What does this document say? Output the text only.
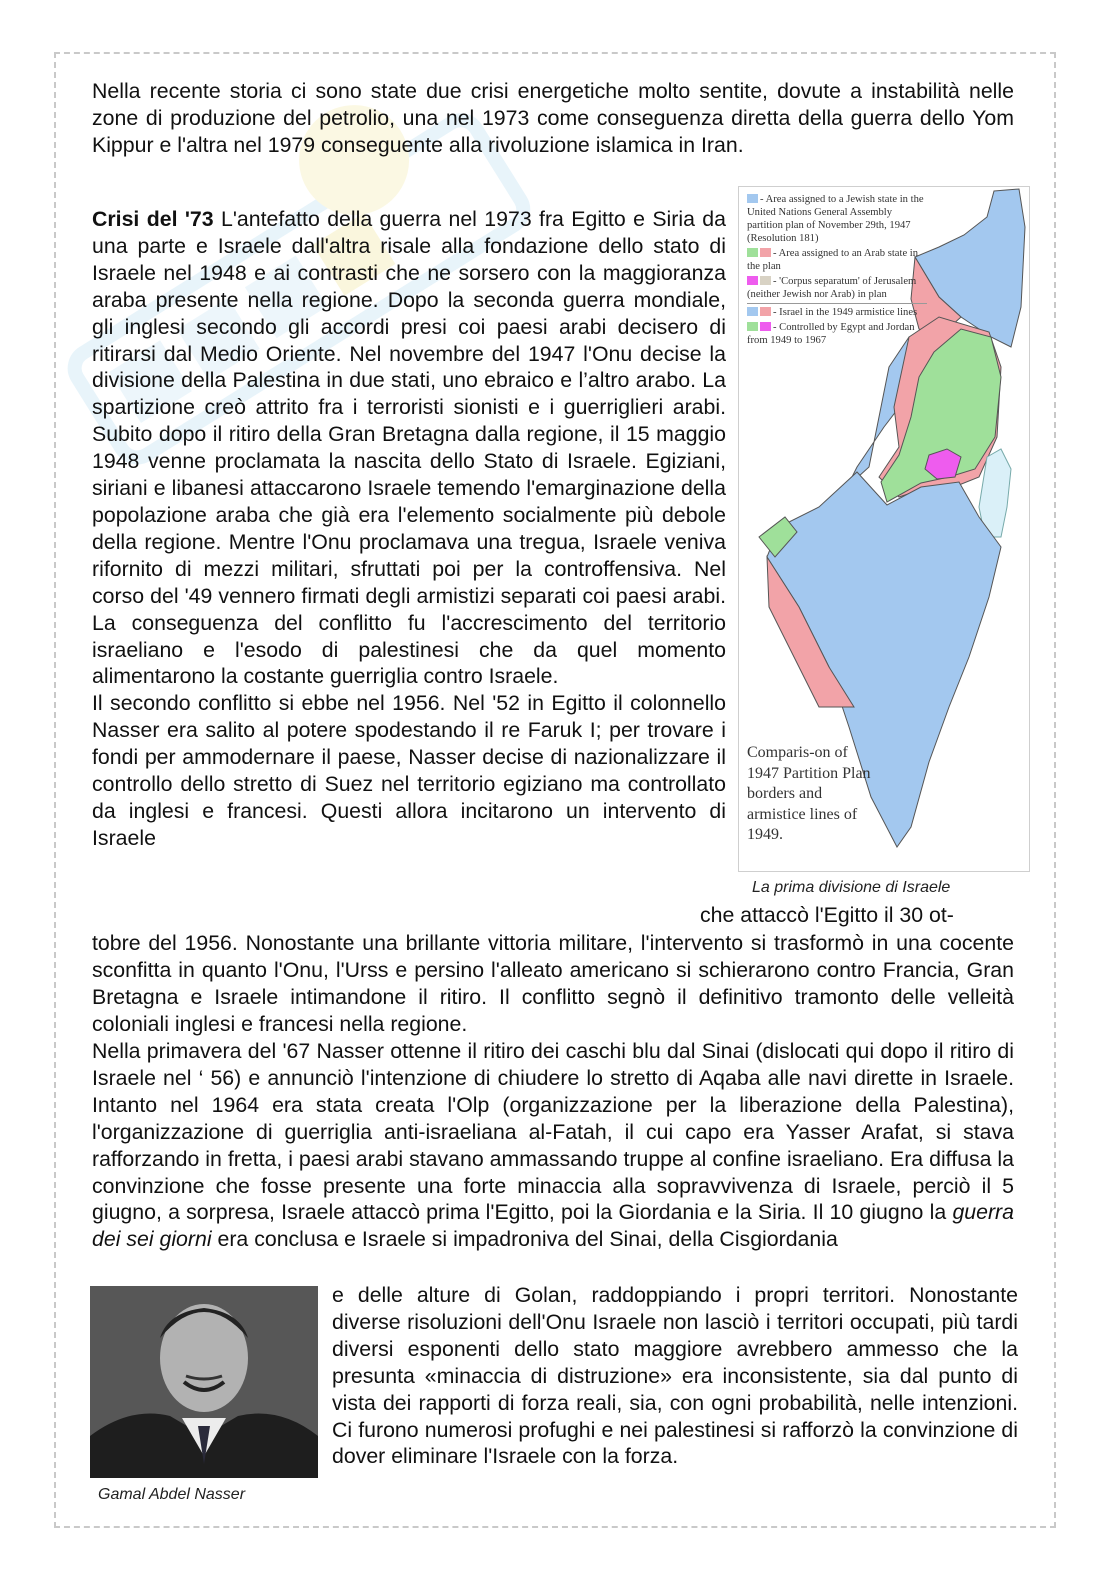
Nella recente storia ci sono state due crisi energetiche molto sentite, dovute a instabilità nelle zone di produzione del petrolio, una nel 1973 come conseguenza diretta della guerra dello Yom Kippur e l'altra nel 1979 conseguente alla rivoluzione islamica in Iran.

Crisi del '73 L'antefatto della guerra nel 1973 fra Egitto e Siria da una parte e Israele dall'altra risale alla fondazione dello stato di Israele nel 1948 e ai contrasti che ne sorsero con la maggioranza araba presente nella regione. Dopo la seconda guerra mondiale, gli inglesi secondo gli accordi presi coi paesi arabi decisero di ritirarsi dal Medio Oriente. Nel novembre del 1947 l'Onu decise la divisione della Palestina in due stati, uno ebraico e l’altro arabo. La spartizione creò attrito fra i terroristi sionisti e i guerriglieri arabi. Subito dopo il ritiro della Gran Bretagna dalla regione, il 15 maggio 1948 venne proclamata la nascita dello Stato di Israele. Egiziani, siriani e libanesi attaccarono Israele temendo l'emarginazione della popolazione araba che già era l'elemento socialmente più debole della regione. Mentre l'Onu proclamava una tregua, Israele veniva rifornito di mezzi militari, sfruttati poi per la controffensiva. Nel corso del '49 vennero firmati degli armistizi separati coi paesi arabi. La conseguenza del conflitto fu l'accrescimento del territorio israeliano e l'esodo di palestinesi che da quel momento alimentarono la costante guerriglia contro Israele.
Il secondo conflitto si ebbe nel 1956. Nel '52 in Egitto il colonnello Nasser era salito al potere spodestando il re Faruk I; per trovare i fondi per ammodernare il paese, Nasser decise di nazionalizzare il controllo dello stretto di Suez nel territorio egiziano ma controllato da inglesi e francesi. Questi allora incitarono un intervento di Israele
che attaccò l'Egitto il 30 ot-
tobre del 1956. Nonostante una brillante vittoria militare, l'intervento si trasformò in una cocente sconfitta in quanto l'Onu, l'Urss e persino l'alleato americano si schierarono contro Francia, Gran Bretagna e Israele intimandone il ritiro. Il conflitto segnò il definitivo tramonto delle velleità coloniali inglesi e francesi nella regione.
Nella primavera del '67 Nasser ottenne il ritiro dei caschi blu dal Sinai (dislocati qui dopo il ritiro di Israele nel ‘ 56) e annunciò l'intenzione di chiudere lo stretto di Aqaba alle navi dirette in Israele. Intanto nel 1964 era stata creata l'Olp (organizzazione per la liberazione della Palestina), l'organizzazione di guerriglia anti-israeliana al-Fatah, il cui capo era Yasser Arafat, si stava rafforzando in fretta, i paesi arabi stavano ammassando truppe al confine israeliano. Era diffusa la convinzione che fosse presente una forte minaccia alla sopravvivenza di Israele, perciò il 5 giugno, a sorpresa, Israele attaccò prima l'Egitto, poi la Giordania e la Siria. Il 10 giugno la guerra dei sei giorni era conclusa e Israele si impadroniva del Sinai, della Cisgiordania
e delle alture di Golan, raddoppiando i propri territori. Nonostante diverse risoluzioni dell'Onu Israele non lasciò i territori occupati, più tardi diversi esponenti dello stato maggiore avrebbero ammesso che la presunta «minaccia di distruzione» era inconsistente, sia dal punto di vista dei rapporti di forza reali, sia, con ogni probabilità, nelle intenzioni. Ci furono numerosi profughi e nei palestinesi si rafforzò la convinzione di dover eliminare l'Israele con la forza.

- Area assigned to a Jewish state in the United Nations General Assembly partition plan of November 29th, 1947 (Resolution 181)

- Area assigned to an Arab state in the plan

- 'Corpus separatum' of Jerusalem (neither Jewish nor Arab) in plan

- Israel in the 1949 armistice lines

- Controlled by Egypt and Jordan from 1949 to 1967

Comparis-on of 1947 Partition Plan borders and armistice lines of 1949.
La prima divisione di Israele
Gamal Abdel Nasser
